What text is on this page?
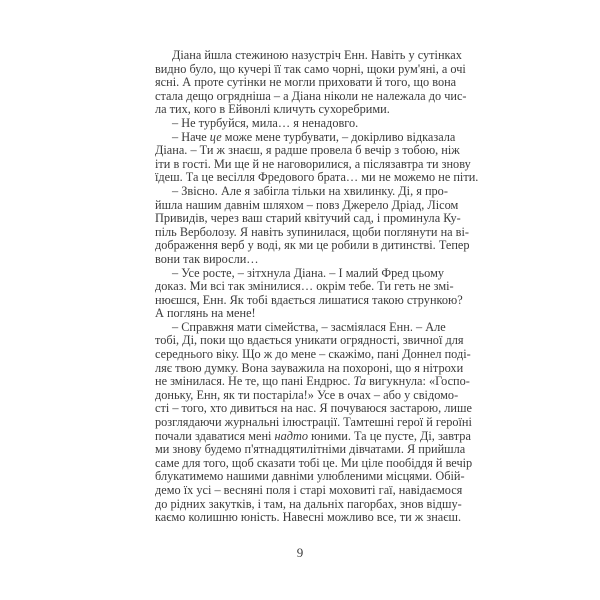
Діана йшла стежиною назустріч Енн. Навіть у сутінках
видно було, що кучері її так само чорні, щоки рум'яні, а очі
ясні. А проте сутінки не могли приховати й того, що вона
стала дещо огрядніша – а Діана ніколи не належала до чис-
ла тих, кого в Ейвонлі кличуть сухоребрими.
– Не турбуйся, мила… я ненадовго.
– Наче це може мене турбувати, – докірливо відказала
Діана. – Ти ж знаєш, я радше провела б вечір з тобою, ніж
іти в гості. Ми ще й не наговорилися, а післязавтра ти знову
їдеш. Та це весілля Фредового брата… ми не можемо не піти.
– Звісно. Але я забігла тільки на хвилинку. Ді, я про-
йшла нашим давнім шляхом – повз Джерело Дріад, Лісом
Привидів, через ваш старий квітучий сад, і проминула Ку-
піль Верболозу. Я навіть зупинилася, щоби поглянути на ві-
дображення верб у воді, як ми це робили в дитинстві. Тепер
вони так виросли…
– Усе росте, – зітхнула Діана. – І малий Фред цьому
доказ. Ми всі так змінилися… окрім тебе. Ти геть не змі-
нюєшся, Енн. Як тобі вдається лишатися такою стрункою?
А поглянь на мене!
– Справжня мати сімейства, – засміялася Енн. – Але
тобі, Ді, поки що вдається уникати огрядності, звичної для
середнього віку. Що ж до мене – скажімо, пані Доннел поді-
ляє твою думку. Вона зауважила на похороні, що я нітрохи
не змінилася. Не те, що пані Ендрюс. Та вигукнула: «Госпо-
доньку, Енн, як ти постаріла!» Усе в очах – або у свідомо-
сті – того, хто дивиться на нас. Я почуваюся застарою, лише
розглядаючи журнальні ілюстрації. Тамтешні герої й героїні
почали здаватися мені надто юними. Та це пусте, Ді, завтра
ми знову будемо п'ятнадцятилітніми дівчатами. Я прийшла
саме для того, щоб сказати тобі це. Ми ціле пообіддя й вечір
блукатимемо нашими давніми улюбленими місцями. Обій-
демо їх усі – весняні поля і старі моховиті гаї, навідаємося
до рідних закутків, і там, на дальніх пагорбах, знов відшу-
каємо колишню юність. Навесні можливо все, ти ж знаєш.
9
